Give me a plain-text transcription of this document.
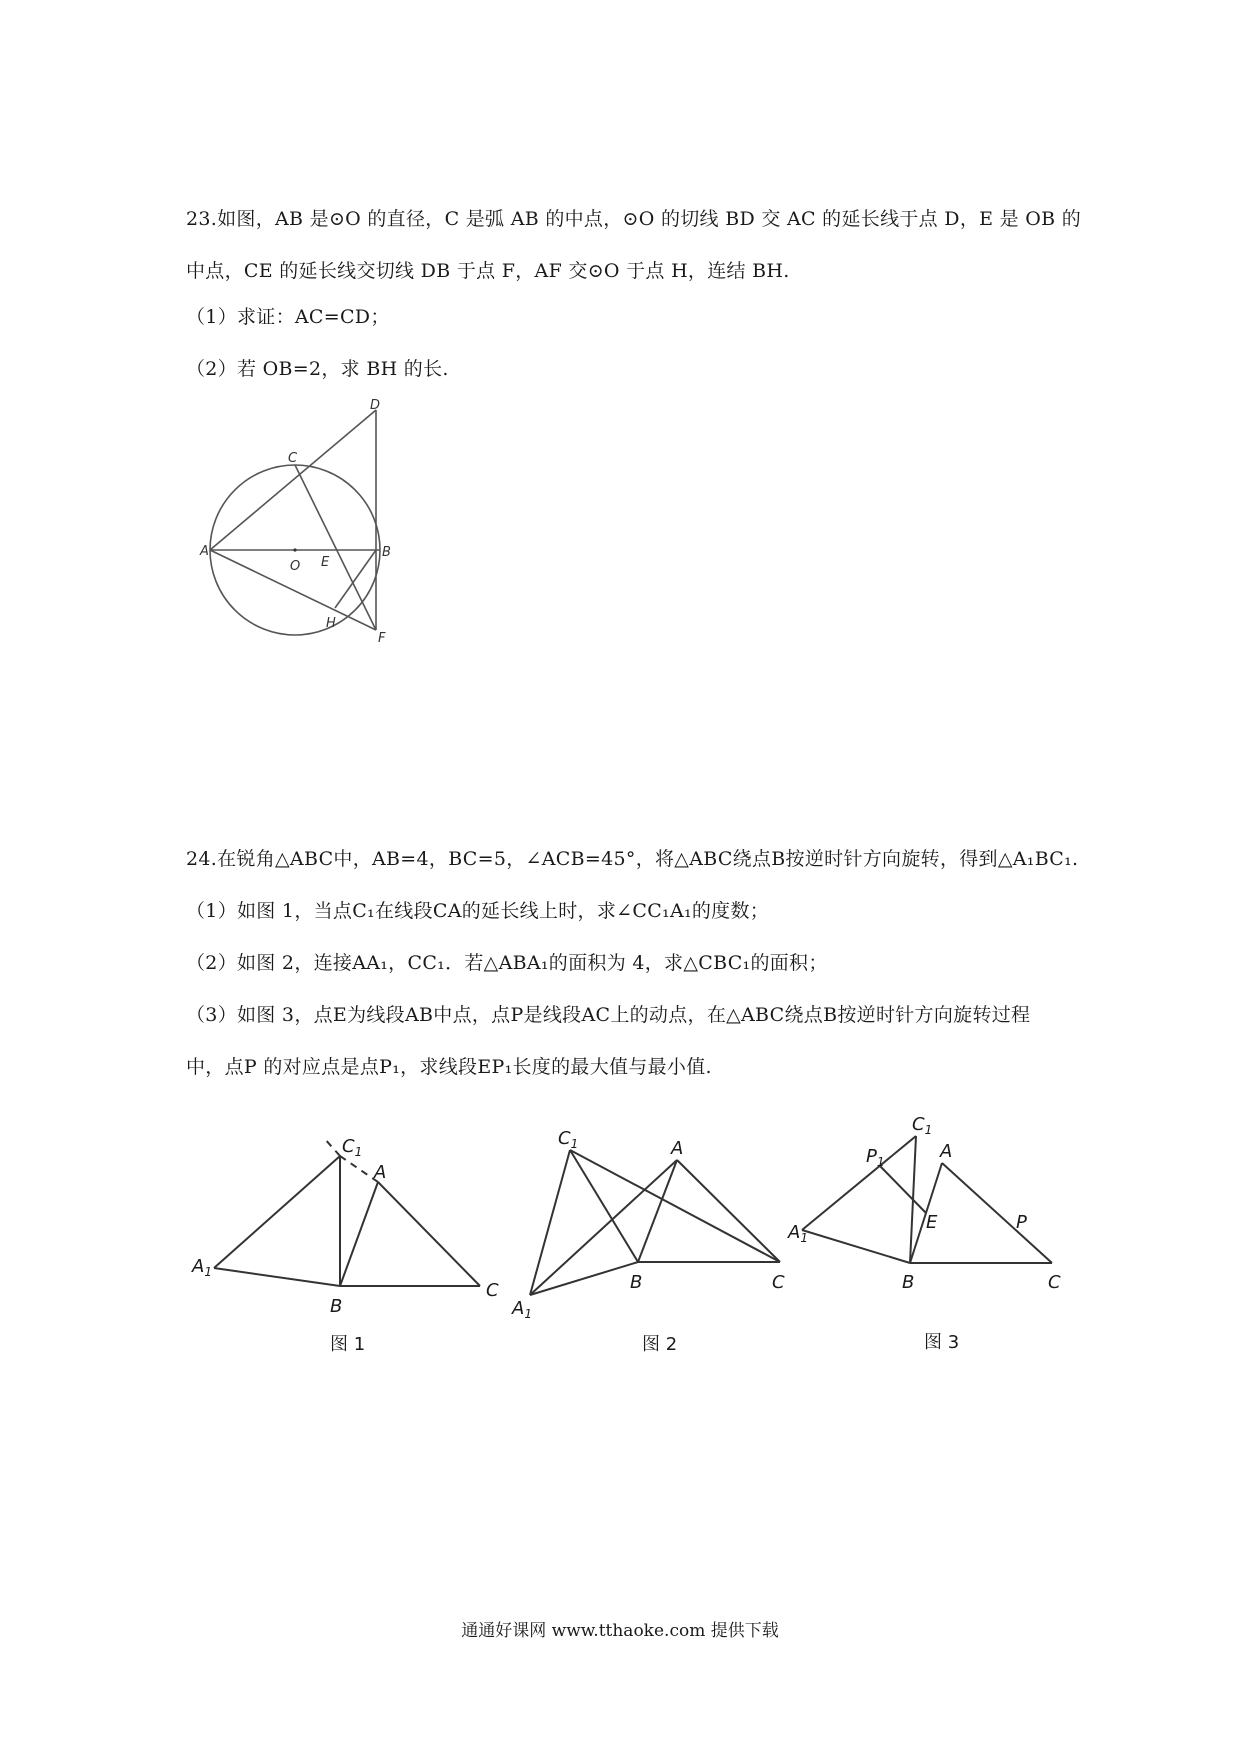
23.如图，AB 是⊙O 的直径，C 是弧 AB 的中点，⊙O 的切线 BD 交 AC 的延长线于点 D，E 是 OB 的
中点，CE 的延长线交切线 DB 于点 F，AF 交⊙O 于点 H，连结 BH.
（1）求证：AC=CD；
（2）若 OB=2，求 BH 的长.
A	B
C
D
E
F
H
O
24.在锐角△ABC中，AB=4，BC=5，∠ACB=45°，将△ABC绕点B按逆时针方向旋转，得到△A₁BC₁.
（1）如图 1，当点C₁在线段CA的延长线上时，求∠CC₁A₁的度数；
（2）如图 2，连接AA₁，CC₁．若△ABA₁的面积为 4，求△CBC₁的面积；
（3）如图 3，点E为线段AB中点，点P是线段AC上的动点，在△ABC绕点B按逆时针方向旋转过程
中，点P 的对应点是点P₁，求线段EP₁长度的最大值与最小值.
$C_1$
A
$A_1$
B
C
图 1
$C_1$	A
$A_1$
B	C
图 2
$C_1$
$P_1$	A
E	P
$A_1$
B	C
图 3
通通好课网 www.tthaoke.com 提供下载
